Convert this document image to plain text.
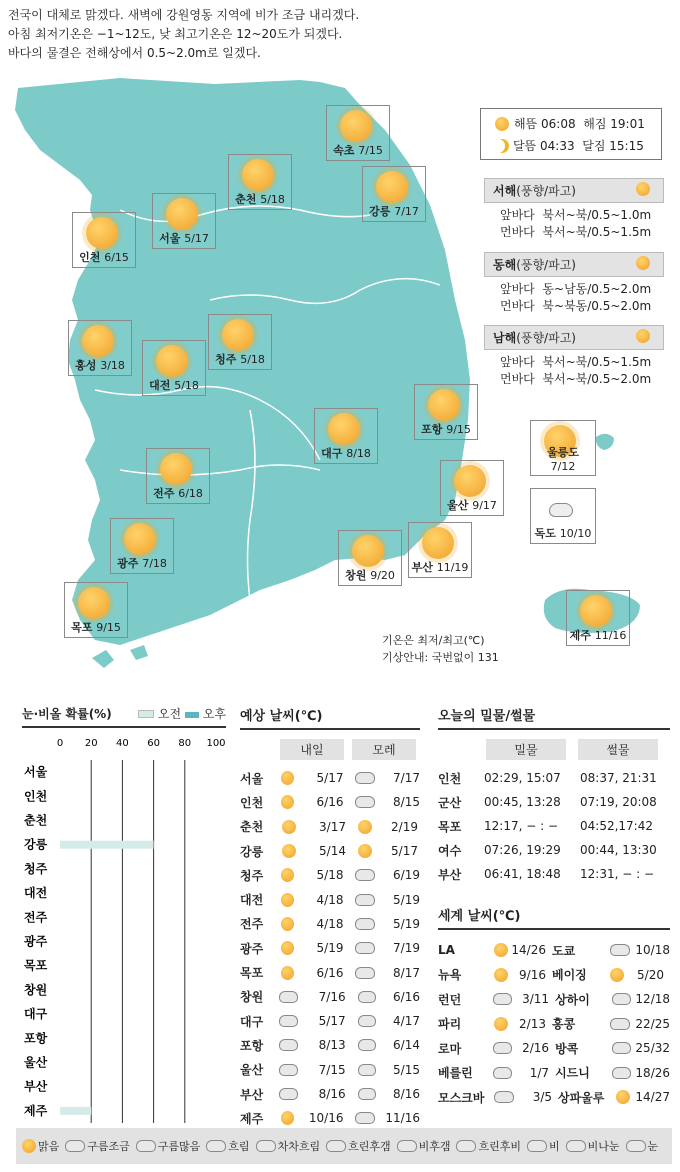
전국이 대체로 맑겠다. 새벽에 강원영동 지역에 비가 조금 내리겠다.
아침 최저기온은 −1~12도, 낮 최고기온은 12~20도가 되겠다.
바다의 물결은 전해상에서 0.5~2.0m로 일겠다.
속초 7/15
춘천 5/18
강릉 7/17
서울 5/17
인천 6/15
청주 5/18
홍성 3/18
대전 5/18
포항 9/15
대구 8/18
전주 6/18
울산 9/17
광주 7/18
창원 9/20
부산 11/19
목포 9/15
제주 11/16
울릉도 7/12
독도 10/10
해뜸
06:08
해짐
19:01
달뜸
04:33
달짐
15:15
서해(풍향/파고)
앞바다 북서~북/0.5~1.0m
먼바다 북서~북/0.5~1.5m
동해(풍향/파고)
앞바다 동~남동/0.5~2.0m
먼바다 북~북동/0.5~2.0m
남해(풍향/파고)
앞바다 북서~북/0.5~1.5m
먼바다 북서~북/0.5~2.0m
기온은 최저/최고(℃)
기상안내: 국번없이 131
눈·비올 확률(%)	오전 오후
0 20 40 60 80 100
서울
인천
춘천
강릉
청주
대전
전주
광주
목포
창원
대구
포항
울산
부산
제주
예상 날씨(℃)
내일	모레
서울	5/17	7/17
인천	6/16	8/15
춘천	3/17	2/19
강릉	5/14	5/17
청주	5/18	6/19
대전	4/18	5/19
전주	4/18	5/19
광주	5/19	7/19
목포	6/16	8/17
창원	7/16	6/16
대구	5/17	4/17
포항	8/13	6/14
울산	7/15	5/15
부산	8/16	8/16
제주	10/16	11/16
오늘의 밀물/썰물
밀물	썰물
인천	02:29, 15:07	08:37, 21:31
군산	00:45, 13:28	07:19, 20:08
목포	12:17, − : −	04:52,17:42
여수	07:26, 19:29	00:44, 13:30
부산	06:41, 18:48	12:31, − : −
세계 날씨(℃)
LA	14/26 도쿄	10/18
뉴욕	9/16 베이징	5/20
런던	3/11 상하이	12/18
파리	2/13 홍콩	22/25
로마	2/16 방콕	25/32
베를린	1/7 시드니	18/26
모스크바	3/5 상파울루	14/27
맑음	구름조금	구름많음	흐림	차차흐림	흐린후갬	비후갬	흐린후비	비	비나눈	눈
